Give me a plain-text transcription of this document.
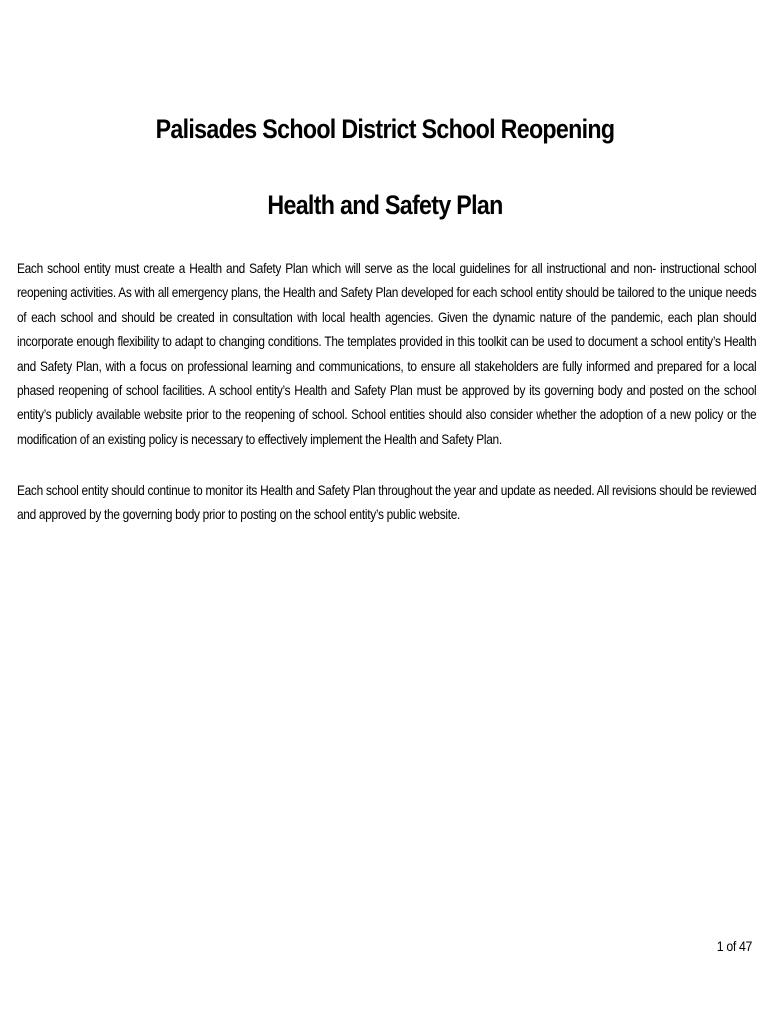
Palisades School District School Reopening
Health and Safety Plan
Each school entity must create a Health and Safety Plan which will serve as the local guidelines for all instructional and non- instructional school reopening activities. As with all emergency plans, the Health and Safety Plan developed for each school entity should be tailored to the unique needs of each school and should be created in consultation with local health agencies. Given the dynamic nature of the pandemic, each plan should incorporate enough flexibility to adapt to changing conditions. The templates provided in this toolkit can be used to document a school entity’s Health and Safety Plan, with a focus on professional learning and communications, to ensure all stakeholders are fully informed and prepared for a local phased reopening of school facilities. A school entity’s Health and Safety Plan must be approved by its governing body and posted on the school entity’s publicly available website prior to the reopening of school. School entities should also consider whether the adoption of a new policy or the modification of an existing policy is necessary to effectively implement the Health and Safety Plan.
Each school entity should continue to monitor its Health and Safety Plan throughout the year and update as needed. All revisions should be reviewed and approved by the governing body prior to posting on the school entity’s public website.
1 of 47
